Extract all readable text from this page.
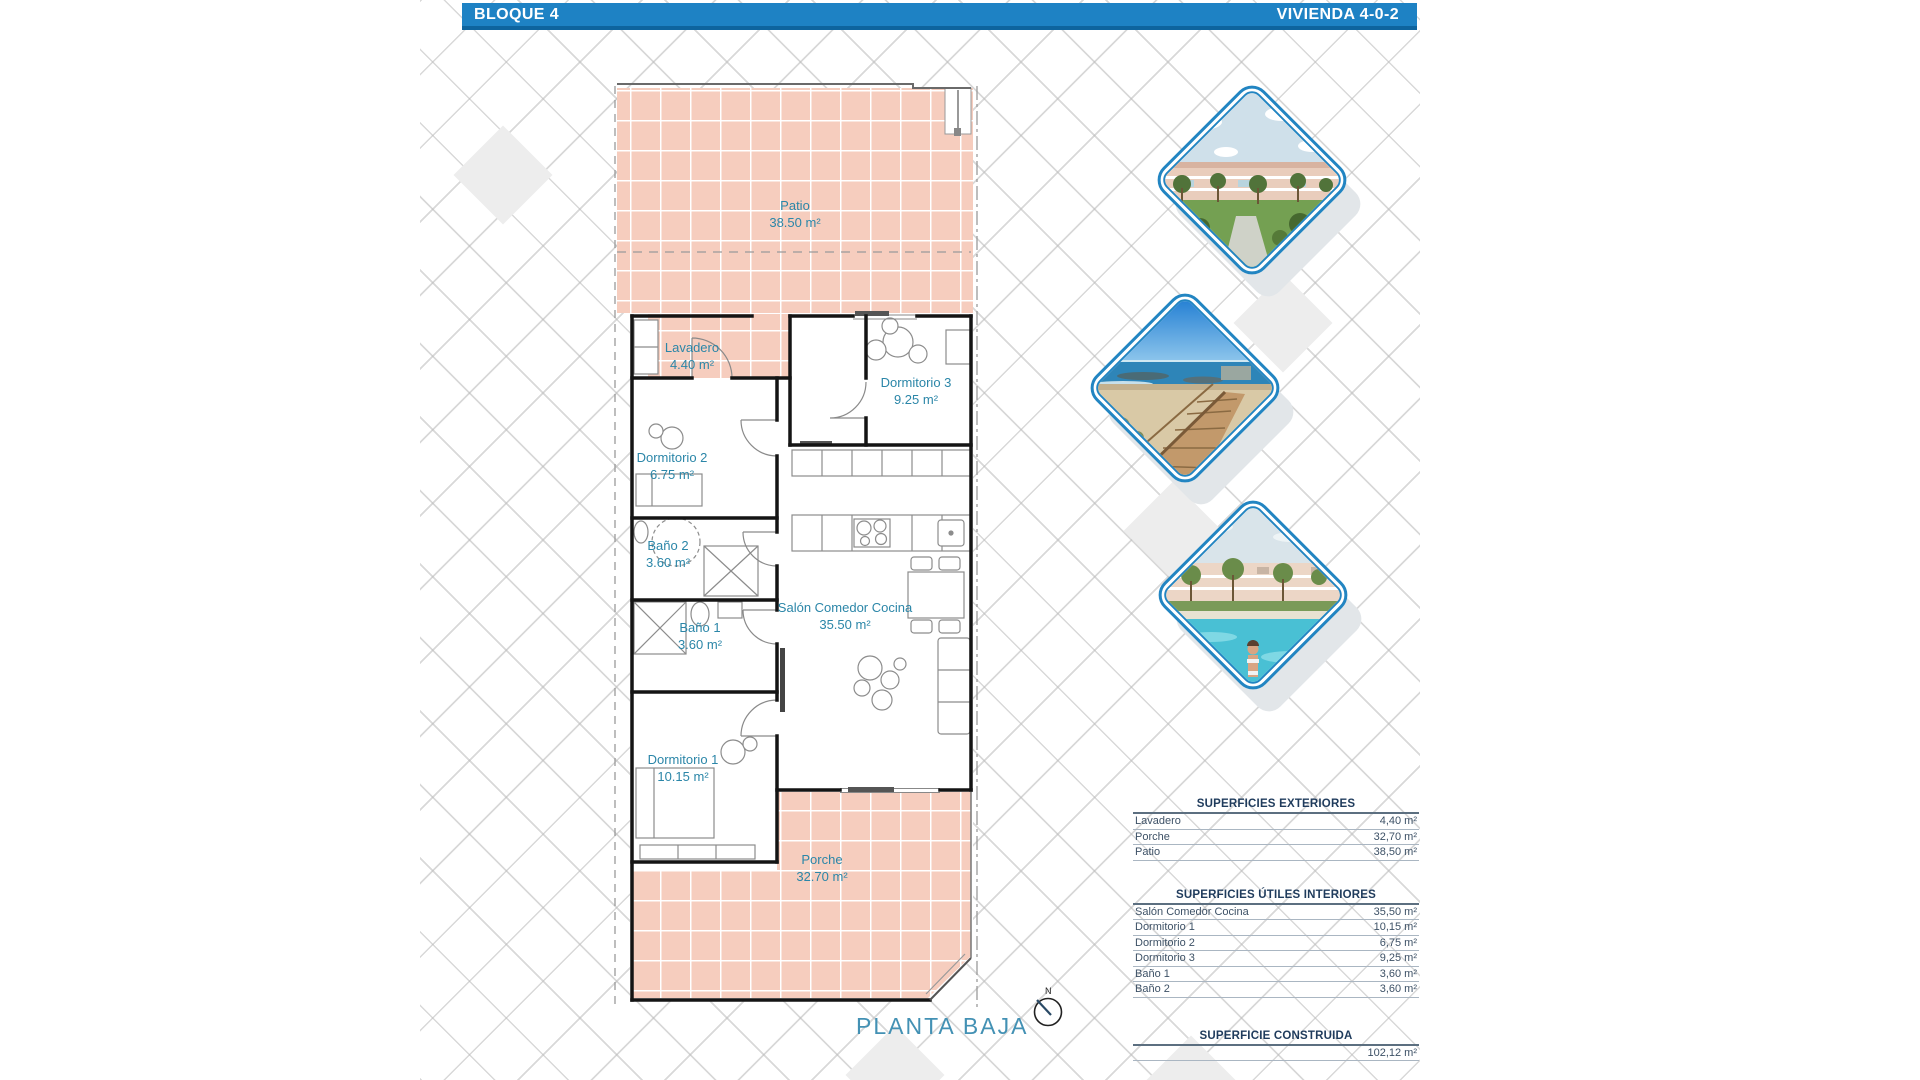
BLOQUE 4	VIVIENDA 4-0-2
Patio
38.50 m²
Lavadero
4.40 m²
Dormitorio 3
9.25 m²
Dormitorio 2
6.75 m²
Baño 2
3.60 m²
Baño 1
3.60 m²
Salón Comedor Cocina
35.50 m²
Dormitorio 1
10.15 m²
Porche
32.70 m²
PLANTA BAJA
N
SUPERFICIES EXTERIORES
Lavadero	4,40 m²
Porche	32,70 m²
Patio	38,50 m²
SUPERFICIES ÚTILES INTERIORES
Salón Comedor Cocina	35,50 m²
Dormitorio 1	10,15 m²
Dormitorio 2	6,75 m²
Dormitorio 3	9,25 m²
Baño 1	3,60 m²
Baño 2	3,60 m²
SUPERFICIE CONSTRUIDA
102,12 m²
